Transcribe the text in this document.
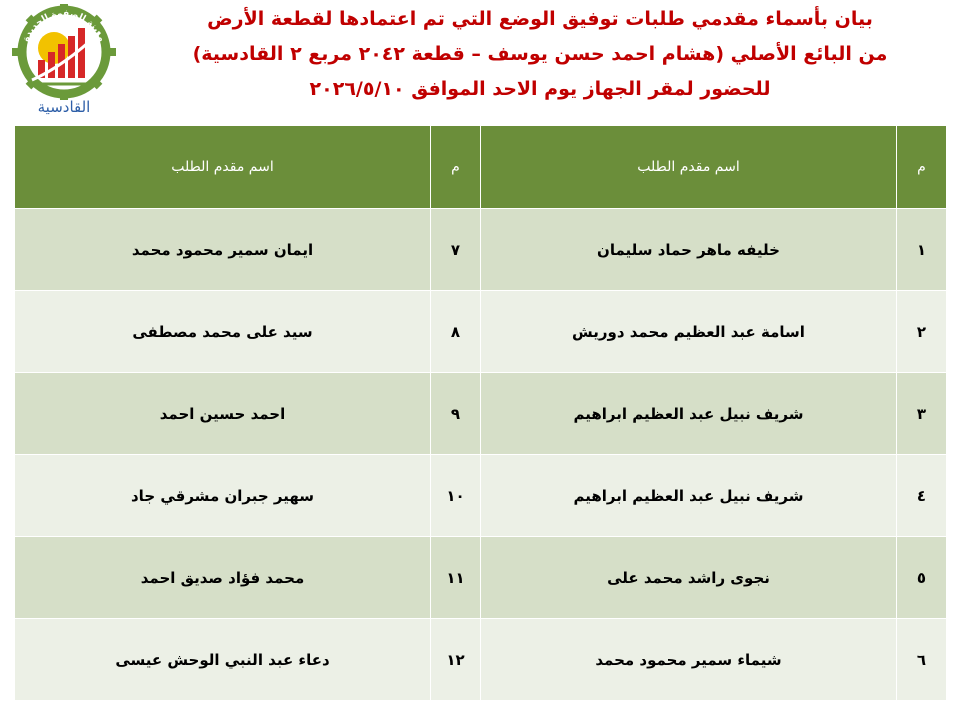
مدينة الصفوة الجديدة
القادسية
بيان بأسماء مقدمي طلبات توفيق الوضع التي تم اعتمادها لقطعة الأرض
من البائع الأصلي (هشام احمد حسن يوسف – قطعة ٢٠٤٢ مربع ٢ القادسية)
للحضور لمقر الجهاز يوم الاحد الموافق ٢٠٢٦/٥/١٠
م	اسم مقدم الطلب	م	اسم مقدم الطلب
١	خليفه ماهر حماد سليمان	٧	ايمان سمير محمود محمد
٢	اسامة عبد العظيم محمد دوريش	٨	سيد على محمد مصطفى
٣	شريف نبيل عبد العظيم ابراهيم	٩	احمد حسين احمد
٤	شريف نبيل عبد العظيم ابراهيم	١٠	سهير جبران مشرقي جاد
٥	نجوى راشد محمد على	١١	محمد فؤاد صديق احمد
٦	شيماء سمير محمود محمد	١٢	دعاء عبد النبي الوحش عيسى
